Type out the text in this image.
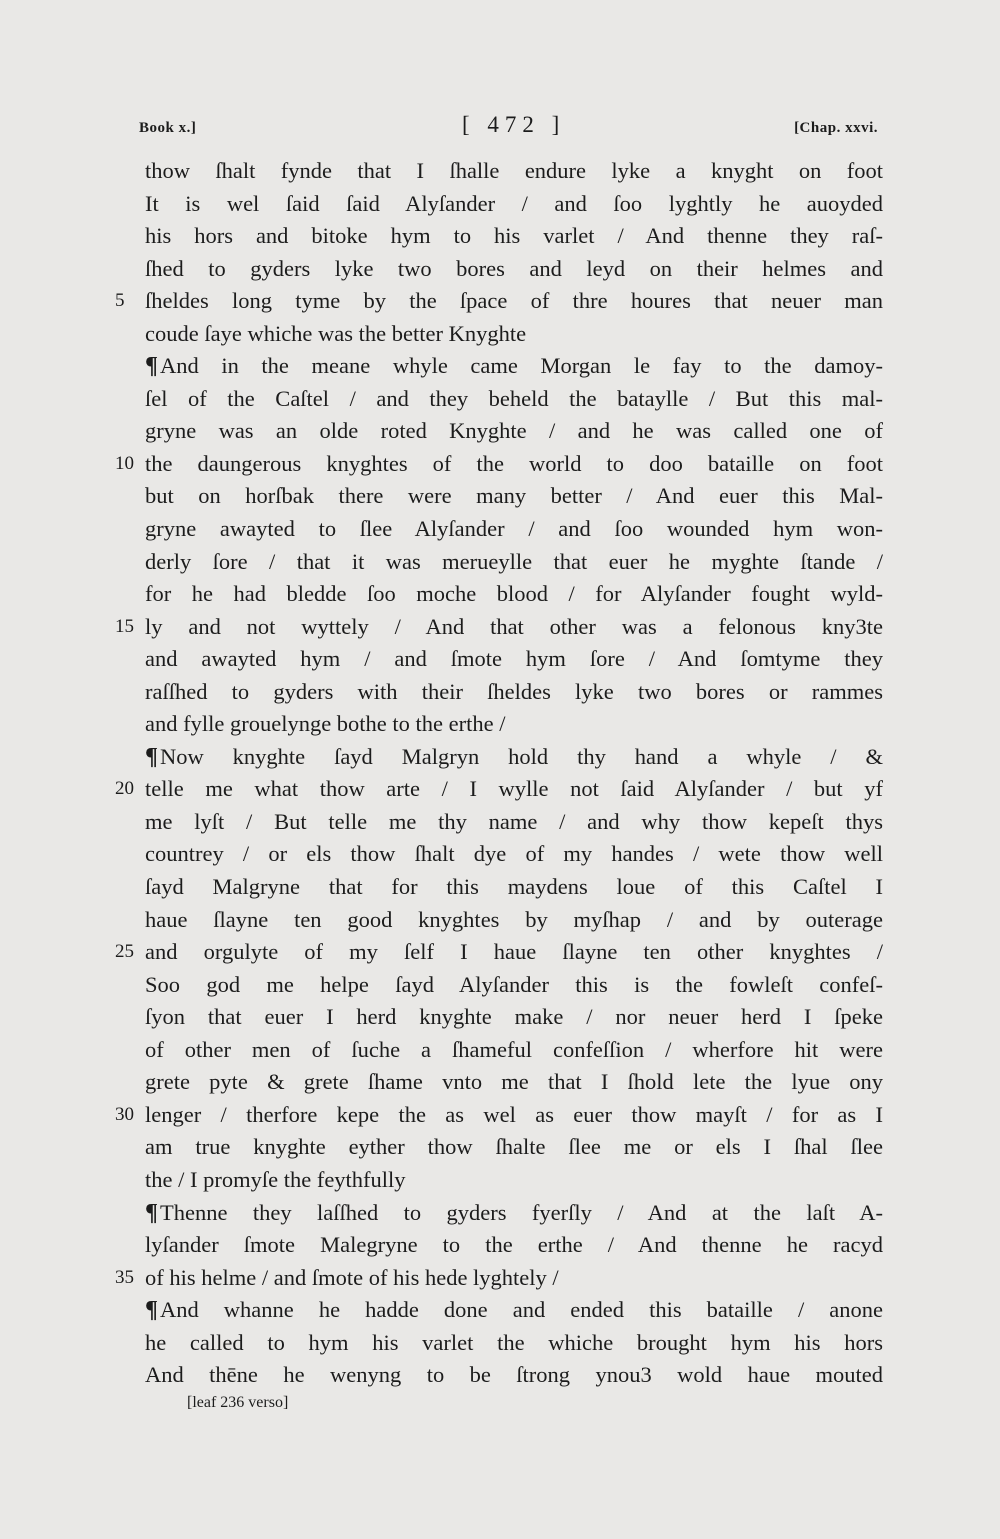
Book x.]	[ 472 ]	[Chap. xxvi.
thow ſhalt fynde that I ſhalle endure lyke a knyght on foot
It is wel ſaid ſaid Alyſander / and ſoo lyghtly he auoyded
his hors and bitoke hym to his varlet / And thenne they raſ-
ſhed to gyders lyke two bores and leyd on their helmes and
5 ſheldes long tyme by the ſpace of thre houres that neuer man
coude ſaye whiche was the better Knyghte
¶And in the meane whyle came Morgan le fay to the damoy-
ſel of the Caſtel / and they beheld the bataylle / But this mal-
gryne was an olde roted Knyghte / and he was called one of
10 the daungerous knyghtes of the world to doo bataille on foot
but on horſbak there were many better / And euer this Mal-
gryne awayted to ſlee Alyſander / and ſoo wounded hym won-
derly ſore / that it was merueylle that euer he myghte ſtande /
for he had bledde ſoo moche blood / for Alyſander fought wyld-
15 ly and not wyttely / And that other was a felonous kny3te
and awayted hym / and ſmote hym ſore / And ſomtyme they
raſſhed to gyders with their ſheldes lyke two bores or rammes
and fylle grouelynge bothe to the erthe /
¶Now knyghte ſayd Malgryn hold thy hand a whyle / &
20 telle me what thow arte / I wylle not ſaid Alyſander / but yf
me lyſt / But telle me thy name / and why thow kepeſt thys
countrey / or els thow ſhalt dye of my handes / wete thow well
ſayd Malgryne that for this maydens loue of this Caſtel I
haue ſlayne ten good knyghtes by myſhap / and by outerage
25 and orgulyte of my ſelf I haue ſlayne ten other knyghtes /
Soo god me helpe ſayd Alyſander this is the fowleſt confeſ-
ſyon that euer I herd knyghte make / nor neuer herd I ſpeke
of other men of ſuche a ſhameful confeſſion / wherfore hit were
grete pyte & grete ſhame vnto me that I ſhold lete the lyue ony
30 lenger / therfore kepe the as wel as euer thow mayſt / for as I
am true knyghte eyther thow ſhalte ſlee me or els I ſhal ſlee
the / I promyſe the feythfully
¶Thenne they laſſhed to gyders fyerſly / And at the laſt A-
lyſander ſmote Malegryne to the erthe / And thenne he racyd
35 of his helme / and ſmote of his hede lyghtely /
¶And whanne he hadde done and ended this bataille / anone
he called to hym his varlet the whiche brought hym his hors
And thēne he wenyng to be ſtrong ynou3 wold haue mouted
[leaf 236 verso]
